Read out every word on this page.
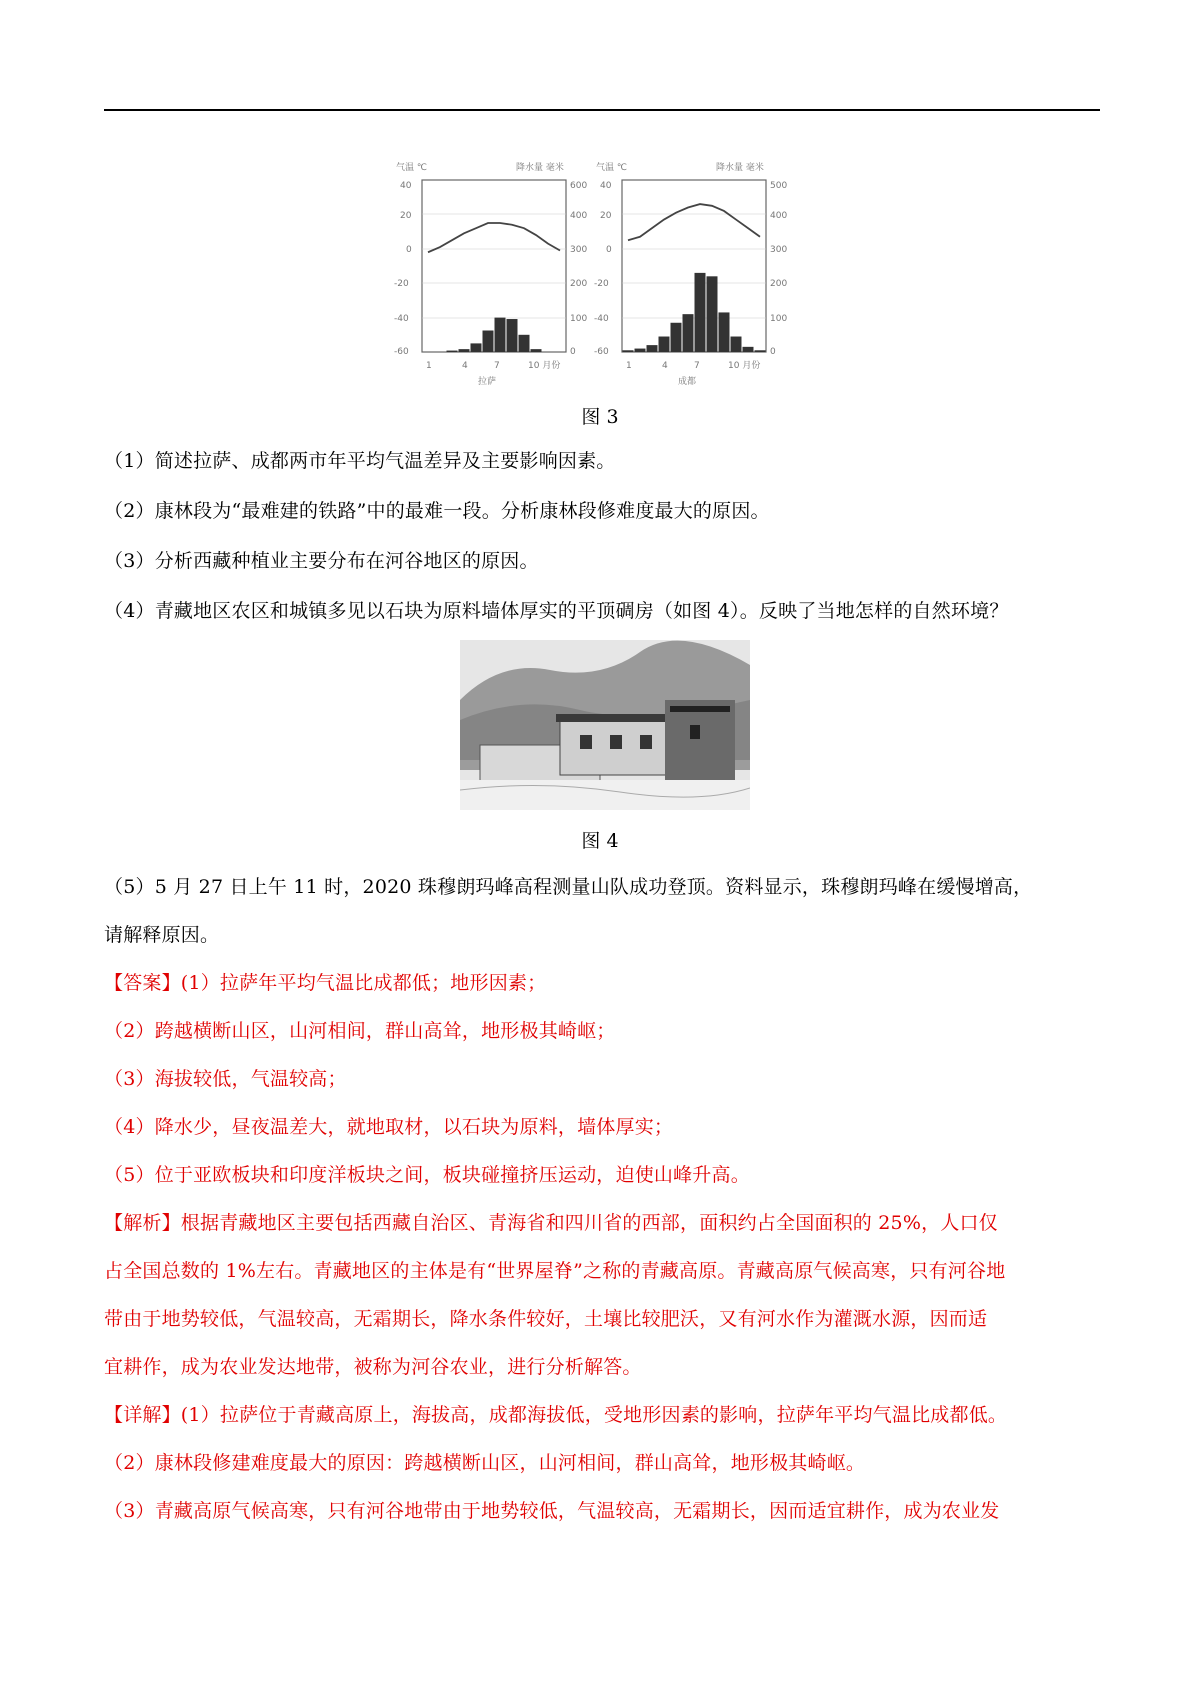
气温 ℃	降水量 毫米
40
20
0
-20
-40
-60
600
400
300
200
100
0
1	4	7	10 月份
拉萨
气温 ℃	降水量 毫米
40
20
0
-20
-40
-60
500
400
300
200
100
0
1	4	7	10 月份
成都
图 3
（1）简述拉萨、成都两市年平均气温差异及主要影响因素。
（2）康林段为“最难建的铁路”中的最难一段。分析康林段修难度最大的原因。
（3）分析西藏种植业主要分布在河谷地区的原因。
（4）青藏地区农区和城镇多见以石块为原料墙体厚实的平顶碉房（如图 4）。反映了当地怎样的自然环境？
图 4
（5）5 月 27 日上午 11 时，2020 珠穆朗玛峰高程测量山队成功登顶。资料显示，珠穆朗玛峰在缓慢增高，
请解释原因。
【答案】(1）拉萨年平均气温比成都低；地形因素；
（2）跨越横断山区，山河相间，群山高耸，地形极其崎岖；
（3）海拔较低，气温较高；
（4）降水少，昼夜温差大，就地取材，以石块为原料，墙体厚实；
（5）位于亚欧板块和印度洋板块之间，板块碰撞挤压运动，迫使山峰升高。
【解析】根据青藏地区主要包括西藏自治区、青海省和四川省的西部，面积约占全国面积的 25%，人口仅
占全国总数的 1%左右。青藏地区的主体是有“世界屋脊”之称的青藏高原。青藏高原气候高寒，只有河谷地
带由于地势较低，气温较高，无霜期长，降水条件较好，土壤比较肥沃，又有河水作为灌溉水源，因而适
宜耕作，成为农业发达地带，被称为河谷农业，进行分析解答。
【详解】(1）拉萨位于青藏高原上，海拔高，成都海拔低，受地形因素的影响，拉萨年平均气温比成都低。
（2）康林段修建难度最大的原因：跨越横断山区，山河相间，群山高耸，地形极其崎岖。
（3）青藏高原气候高寒，只有河谷地带由于地势较低，气温较高，无霜期长，因而适宜耕作，成为农业发
